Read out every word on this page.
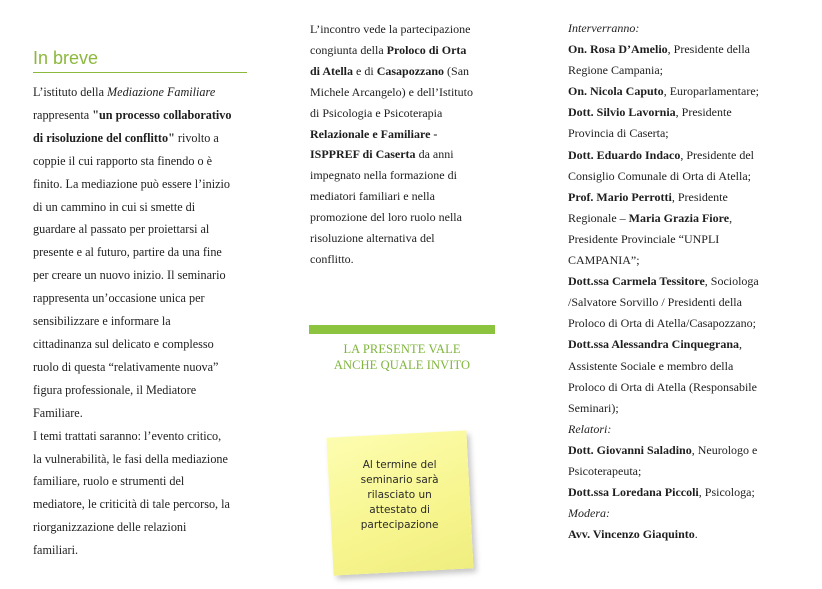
In breve
L’istituto della Mediazione Familiare
rappresenta "un processo collaborativo
di risoluzione del conflitto" rivolto a
coppie il cui rapporto sta finendo o è
finito. La mediazione può essere l’inizio
di un cammino in cui si smette di
guardare al passato per proiettarsi al
presente e al futuro, partire da una fine
per creare un nuovo inizio. Il seminario
rappresenta un’occasione unica per
sensibilizzare e informare la
cittadinanza sul delicato e complesso
ruolo di questa “relativamente nuova”
figura professionale, il Mediatore
Familiare.
I temi trattati saranno: l’evento critico,
la vulnerabilità, le fasi della mediazione
familiare, ruolo e strumenti del
mediatore, le criticità di tale percorso, la
riorganizzazione delle relazioni
familiari.
L’incontro vede la partecipazione
congiunta della Proloco di Orta
di Atella e di Casapozzano (San
Michele Arcangelo) e dell’Istituto
di Psicologia e Psicoterapia
Relazionale e Familiare -
ISPPREF di Caserta da anni
impegnato nella formazione di
mediatori familiari e nella
promozione del loro ruolo nella
risoluzione alternativa del
conflitto.
LA PRESENTE VALE
ANCHE QUALE INVITO
Al termine del
seminario sarà
rilasciato un
attestato di
partecipazione
Interverranno:
On. Rosa D’Amelio, Presidente della
Regione Campania;
On. Nicola Caputo, Europarlamentare;
Dott. Silvio Lavornia, Presidente
Provincia di Caserta;
Dott. Eduardo Indaco, Presidente del
Consiglio Comunale di Orta di Atella;
Prof. Mario Perrotti, Presidente
Regionale – Maria Grazia Fiore,
Presidente Provinciale “UNPLI
CAMPANIA”;
Dott.ssa Carmela Tessitore, Sociologa
/Salvatore Sorvillo / Presidenti della
Proloco di Orta di Atella/Casapozzano;
Dott.ssa Alessandra Cinquegrana,
Assistente Sociale e membro della
Proloco di Orta di Atella (Responsabile
Seminari);
Relatori:
Dott. Giovanni Saladino, Neurologo e
Psicoterapeuta;
Dott.ssa Loredana Piccoli, Psicologa;
Modera:
Avv. Vincenzo Giaquinto.
